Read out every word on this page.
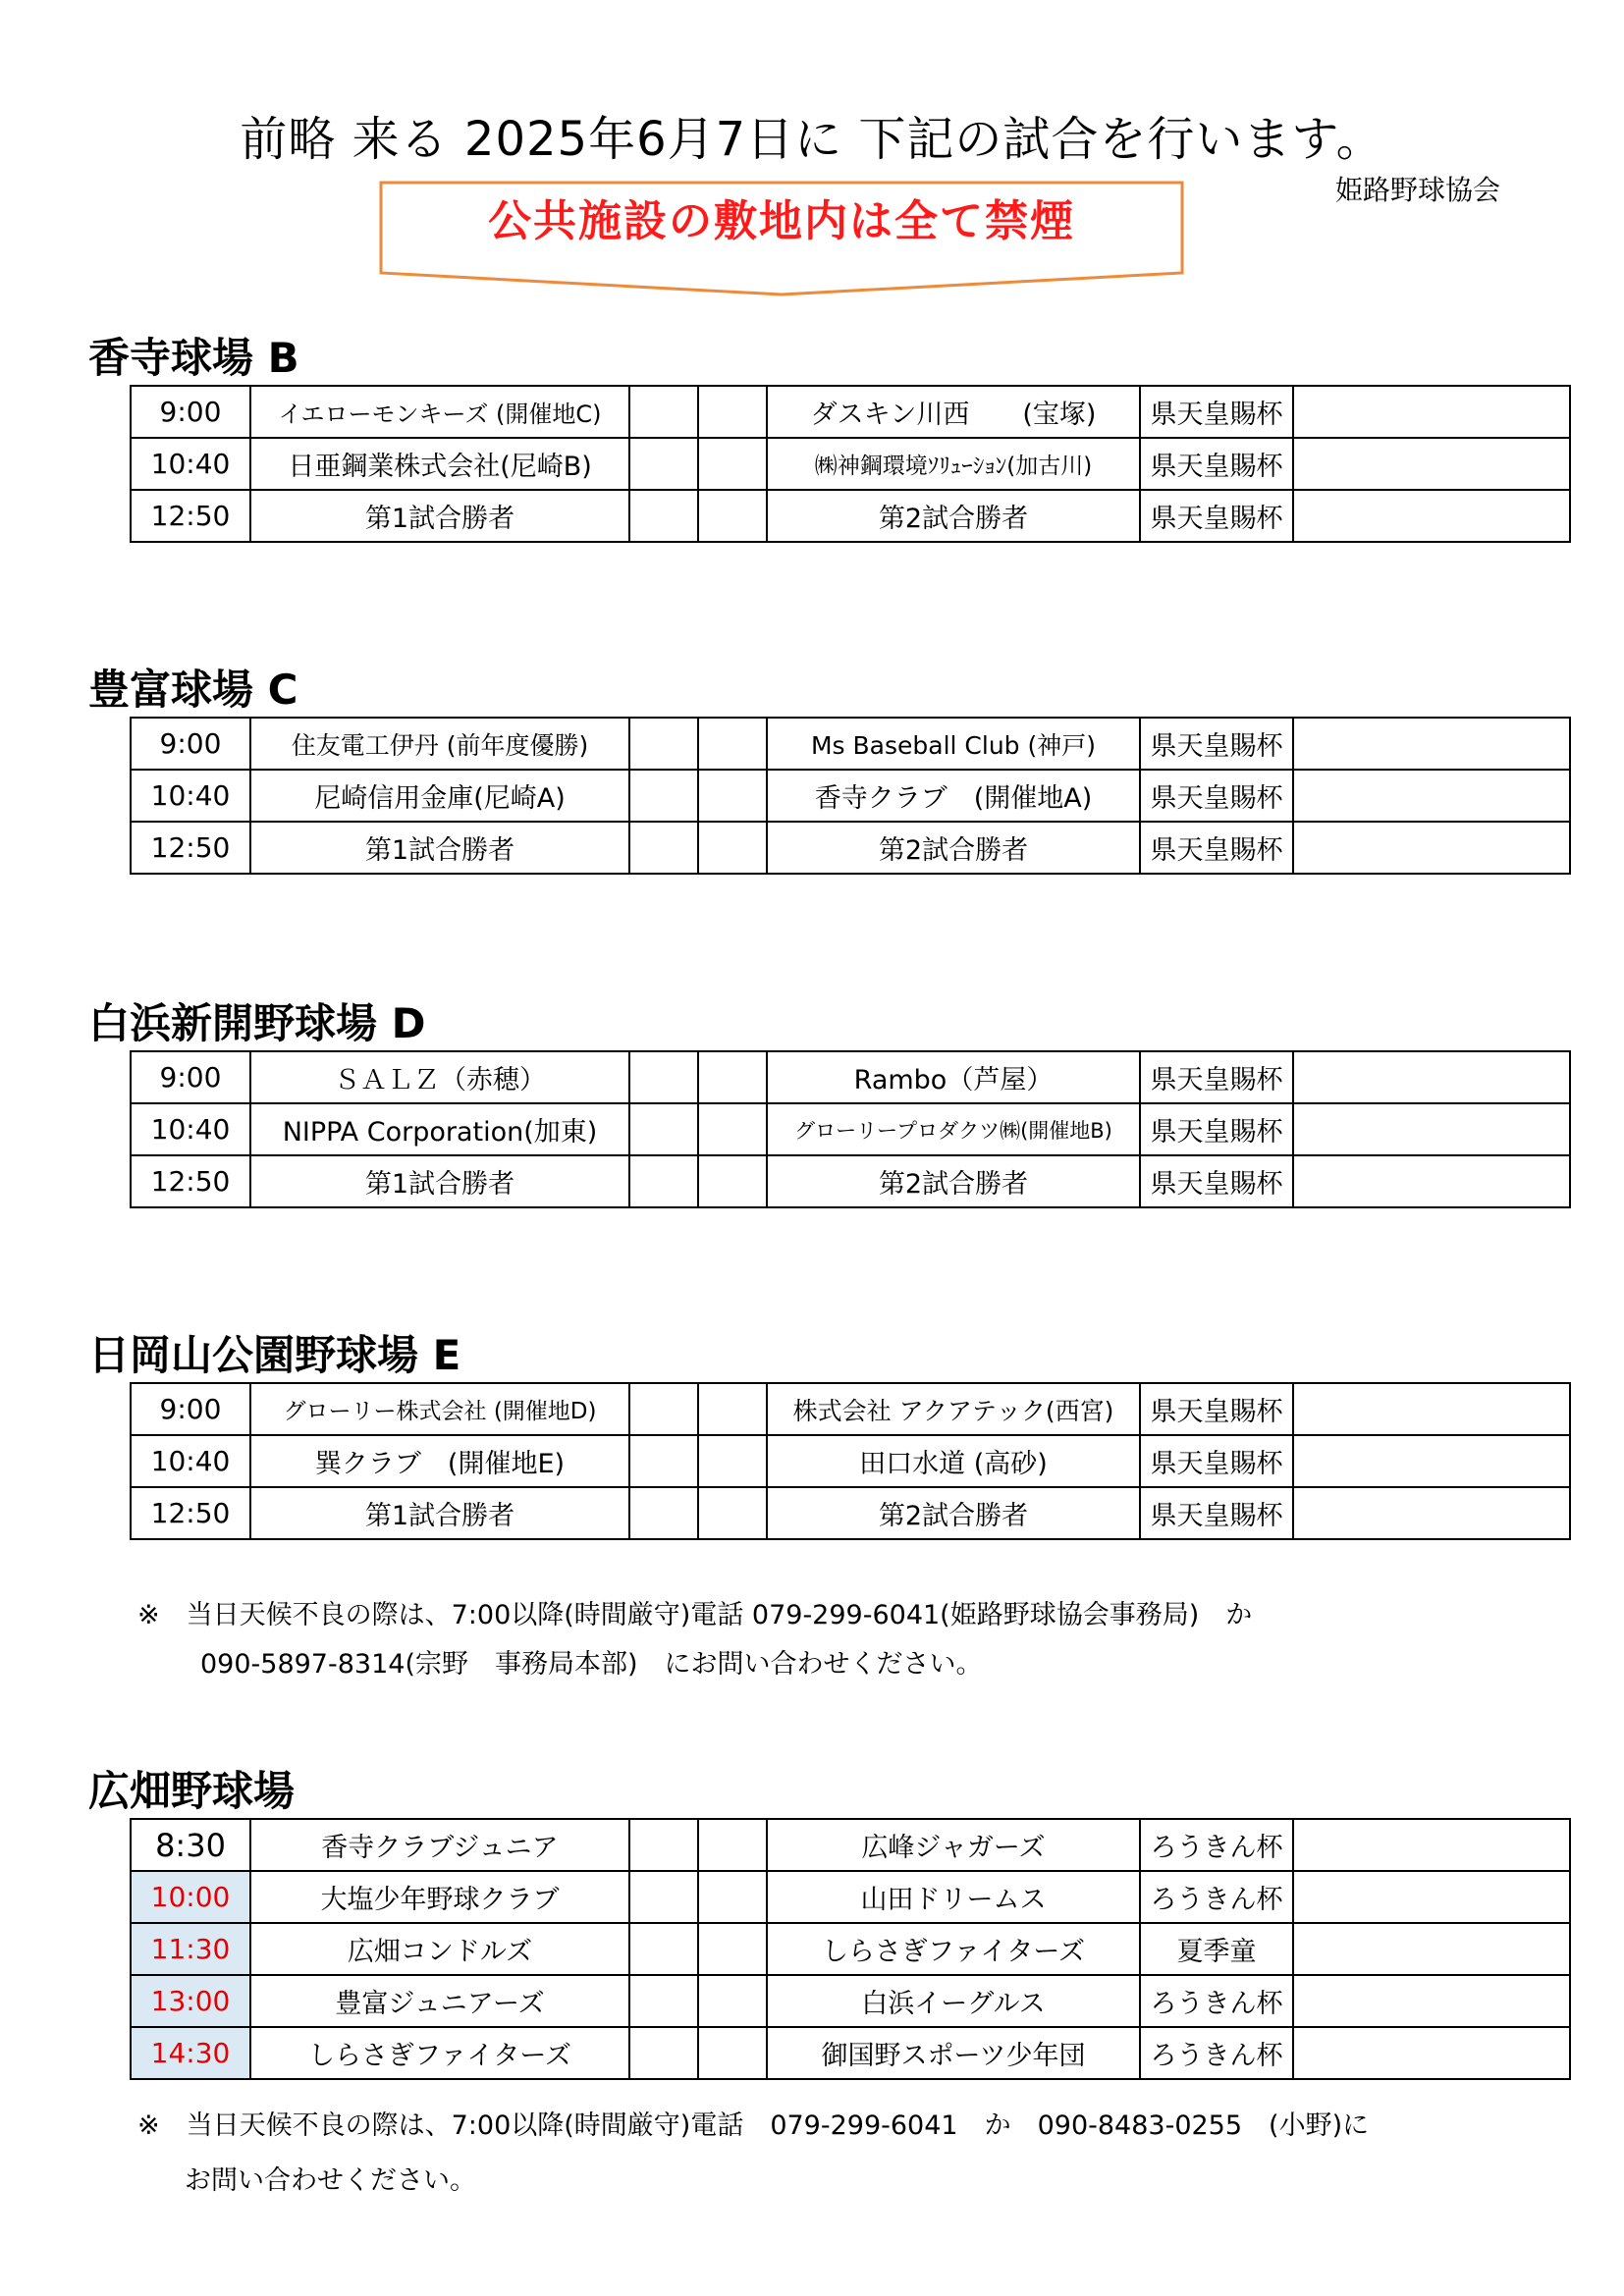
前略 来る 2025年6月7日に 下記の試合を行います。
姫路野球協会
公共施設の敷地内は全て禁煙
香寺球場 B
9:00	イエローモンキーズ (開催地C)			ダスキン川西　　(宝塚)	県天皇賜杯	
10:40	日亜鋼業株式会社(尼崎B)			㈱神鋼環境ｿﾘｭｰｼｮﾝ(加古川)	県天皇賜杯	
12:50	第1試合勝者			第2試合勝者	県天皇賜杯	
豊富球場 C
9:00	住友電工伊丹 (前年度優勝)			Ms Baseball Club (神戸)	県天皇賜杯	
10:40	尼崎信用金庫(尼崎A)			香寺クラブ　(開催地A)	県天皇賜杯	
12:50	第1試合勝者			第2試合勝者	県天皇賜杯	
白浜新開野球場 D
9:00	ＳＡＬＺ（赤穂）			Rambo（芦屋）	県天皇賜杯	
10:40	NIPPA Corporation(加東)			グローリープロダクツ㈱(開催地B)	県天皇賜杯	
12:50	第1試合勝者			第2試合勝者	県天皇賜杯	
日岡山公園野球場 E
9:00	グローリー株式会社 (開催地D)			株式会社 アクアテック(西宮)	県天皇賜杯	
10:40	巽クラブ　(開催地E)			田口水道 (高砂)	県天皇賜杯	
12:50	第1試合勝者			第2試合勝者	県天皇賜杯	
※　当日天候不良の際は、7:00以降(時間厳守)電話 079-299-6041(姫路野球協会事務局)　か
090-5897-8314(宗野　事務局本部)　にお問い合わせください。
広畑野球場
8:30	香寺クラブジュニア			広峰ジャガーズ	ろうきん杯	
10:00	大塩少年野球クラブ			山田ドリームス	ろうきん杯	
11:30	広畑コンドルズ			しらさぎファイターズ	夏季童	
13:00	豊富ジュニアーズ			白浜イーグルス	ろうきん杯	
14:30	しらさぎファイターズ			御国野スポーツ少年団	ろうきん杯	
※　当日天候不良の際は、7:00以降(時間厳守)電話　079-299-6041　か　090-8483-0255　(小野)に
お問い合わせください。
